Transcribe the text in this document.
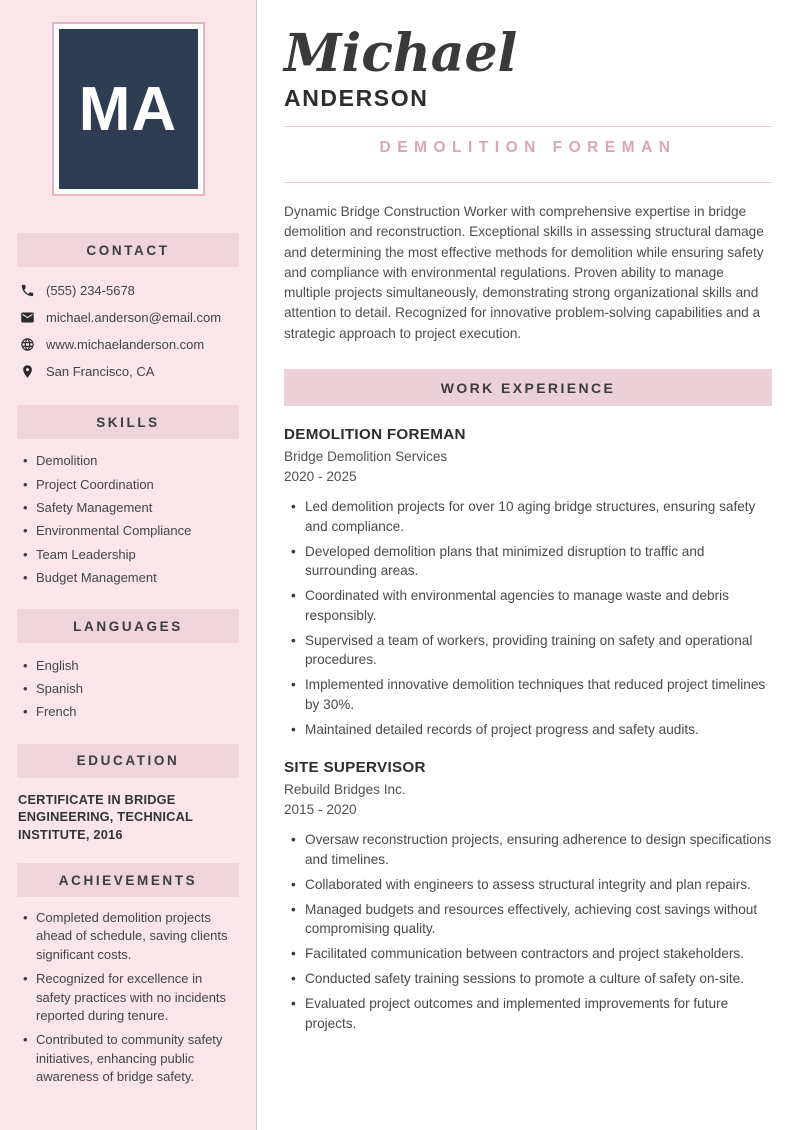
MA
CONTACT
(555) 234-5678
michael.anderson@email.com
www.michaelanderson.com
San Francisco, CA
SKILLS
• Demolition
• Project Coordination
• Safety Management
• Environmental Compliance
• Team Leadership
• Budget Management
LANGUAGES
• English
• Spanish
• French
EDUCATION
CERTIFICATE IN BRIDGE ENGINEERING, TECHNICAL INSTITUTE, 2016
ACHIEVEMENTS
• Completed demolition projects ahead of schedule, saving clients significant costs.
• Recognized for excellence in safety practices with no incidents reported during tenure.
• Contributed to community safety initiatives, enhancing public awareness of bridge safety.
Michael
ANDERSON
DEMOLITION FOREMAN

Dynamic Bridge Construction Worker with comprehensive expertise in bridge demolition and reconstruction. Exceptional skills in assessing structural damage and determining the most effective methods for demolition while ensuring safety and compliance with environmental regulations. Proven ability to manage multiple projects simultaneously, demonstrating strong organizational skills and attention to detail. Recognized for innovative problem-solving capabilities and a strategic approach to project execution.

WORK EXPERIENCE
DEMOLITION FOREMAN
Bridge Demolition Services
2020 - 2025
• Led demolition projects for over 10 aging bridge structures, ensuring safety and compliance.
• Developed demolition plans that minimized disruption to traffic and surrounding areas.
• Coordinated with environmental agencies to manage waste and debris responsibly.
• Supervised a team of workers, providing training on safety and operational procedures.
• Implemented innovative demolition techniques that reduced project timelines by 30%.
• Maintained detailed records of project progress and safety audits.
SITE SUPERVISOR
Rebuild Bridges Inc.
2015 - 2020
• Oversaw reconstruction projects, ensuring adherence to design specifications and timelines.
• Collaborated with engineers to assess structural integrity and plan repairs.
• Managed budgets and resources effectively, achieving cost savings without compromising quality.
• Facilitated communication between contractors and project stakeholders.
• Conducted safety training sessions to promote a culture of safety on-site.
• Evaluated project outcomes and implemented improvements for future projects.
